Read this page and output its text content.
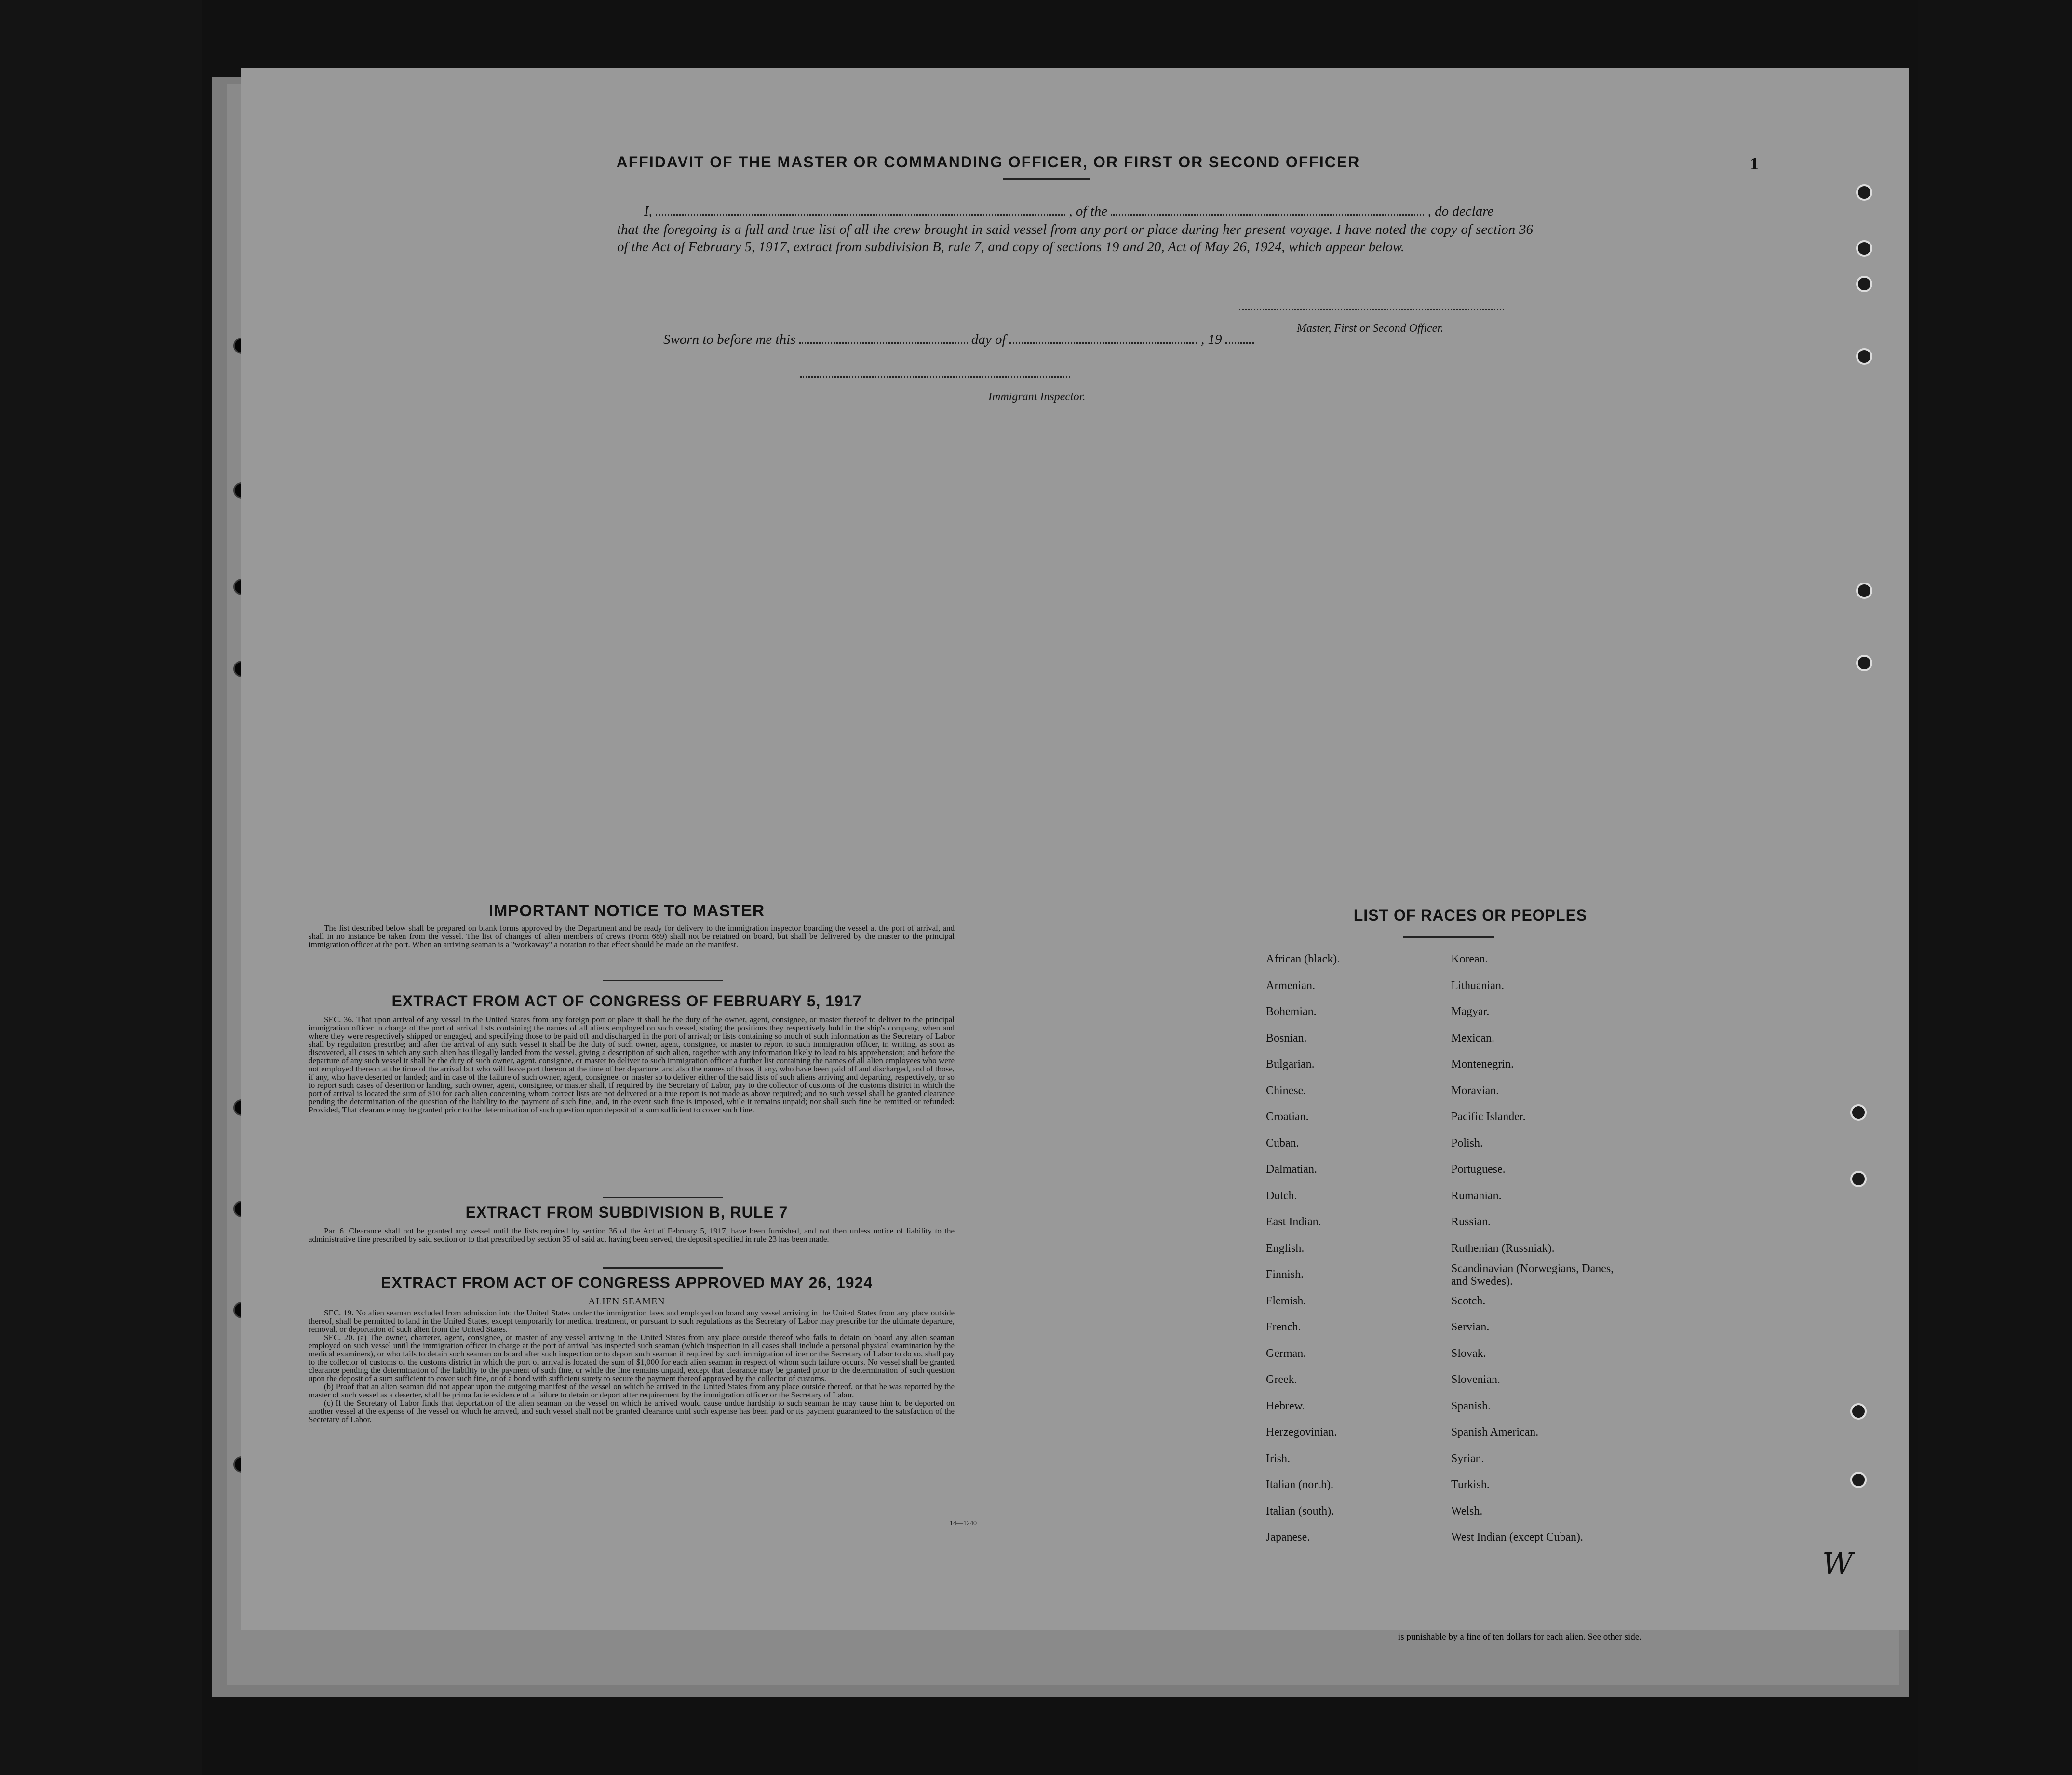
1
AFFIDAVIT OF THE MASTER OR COMMANDING OFFICER, OR FIRST OR SECOND OFFICER
I,	, of the	, do declare
that the foregoing is a full and true list of all the crew brought in said vessel from any port or place during her present voyage. I have noted the copy of section 36 of the Act of February 5, 1917, extract from subdivision B, rule 7, and copy of sections 19 and 20, Act of May 26, 1924, which appear below.
Master, First or Second Officer.
Sworn to before me this	day of	, 19
Immigrant Inspector.
IMPORTANT NOTICE TO MASTER

The list described below shall be prepared on blank forms approved by the Department and be ready for delivery to the immigration inspector boarding the vessel at the port of arrival, and shall in no instance be taken from the vessel. The list of changes of alien members of crews (Form 689) shall not be retained on board, but shall be delivered by the master to the principal immigration officer at the port. When an arriving seaman is a "workaway" a notation to that effect should be made on the manifest.

EXTRACT FROM ACT OF CONGRESS OF FEBRUARY 5, 1917

SEC. 36. That upon arrival of any vessel in the United States from any foreign port or place it shall be the duty of the owner, agent, consignee, or master thereof to deliver to the principal immigration officer in charge of the port of arrival lists containing the names of all aliens employed on such vessel, stating the positions they respectively hold in the ship's company, when and where they were respectively shipped or engaged, and specifying those to be paid off and discharged in the port of arrival; or lists containing so much of such information as the Secretary of Labor shall by regulation prescribe; and after the arrival of any such vessel it shall be the duty of such owner, agent, consignee, or master to report to such immigration officer, in writing, as soon as discovered, all cases in which any such alien has illegally landed from the vessel, giving a description of such alien, together with any information likely to lead to his apprehension; and before the departure of any such vessel it shall be the duty of such owner, agent, consignee, or master to deliver to such immigration officer a further list containing the names of all alien employees who were not employed thereon at the time of the arrival but who will leave port thereon at the time of her departure, and also the names of those, if any, who have been paid off and discharged, and of those, if any, who have deserted or landed; and in case of the failure of such owner, agent, consignee, or master so to deliver either of the said lists of such aliens arriving and departing, respectively, or so to report such cases of desertion or landing, such owner, agent, consignee, or master shall, if required by the Secretary of Labor, pay to the collector of customs of the customs district in which the port of arrival is located the sum of $10 for each alien concerning whom correct lists are not delivered or a true report is not made as above required; and no such vessel shall be granted clearance pending the determination of the question of the liability to the payment of such fine, and, in the event such fine is imposed, while it remains unpaid; nor shall such fine be remitted or refunded: Provided, That clearance may be granted prior to the determination of such question upon deposit of a sum sufficient to cover such fine.

EXTRACT FROM SUBDIVISION B, RULE 7

Par. 6. Clearance shall not be granted any vessel until the lists required by section 36 of the Act of February 5, 1917, have been furnished, and not then unless notice of liability to the administrative fine prescribed by said section or to that prescribed by section 35 of said act having been served, the deposit specified in rule 23 has been made.

EXTRACT FROM ACT OF CONGRESS APPROVED MAY 26, 1924
ALIEN SEAMEN

SEC. 19. No alien seaman excluded from admission into the United States under the immigration laws and employed on board any vessel arriving in the United States from any place outside thereof, shall be permitted to land in the United States, except temporarily for medical treatment, or pursuant to such regulations as the Secretary of Labor may prescribe for the ultimate departure, removal, or deportation of such alien from the United States.

SEC. 20. (a) The owner, charterer, agent, consignee, or master of any vessel arriving in the United States from any place outside thereof who fails to detain on board any alien seaman employed on such vessel until the immigration officer in charge at the port of arrival has inspected such seaman (which inspection in all cases shall include a personal physical examination by the medical examiners), or who fails to detain such seaman on board after such inspection or to deport such seaman if required by such immigration officer or the Secretary of Labor to do so, shall pay to the collector of customs of the customs district in which the port of arrival is located the sum of $1,000 for each alien seaman in respect of whom such failure occurs. No vessel shall be granted clearance pending the determination of the liability to the payment of such fine, or while the fine remains unpaid, except that clearance may be granted prior to the determination of such question upon the deposit of a sum sufficient to cover such fine, or of a bond with sufficient surety to secure the payment thereof approved by the collector of customs.

(b) Proof that an alien seaman did not appear upon the outgoing manifest of the vessel on which he arrived in the United States from any place outside thereof, or that he was reported by the master of such vessel as a deserter, shall be prima facie evidence of a failure to detain or deport after requirement by the immigration officer or the Secretary of Labor.

(c) If the Secretary of Labor finds that deportation of the alien seaman on the vessel on which he arrived would cause undue hardship to such seaman he may cause him to be deported on another vessel at the expense of the vessel on which he arrived, and such vessel shall not be granted clearance until such expense has been paid or its payment guaranteed to the satisfaction of the Secretary of Labor.

14—1240
LIST OF RACES OR PEOPLES
African (black).
Armenian.
Bohemian.
Bosnian.
Bulgarian.
Chinese.
Croatian.
Cuban.
Dalmatian.
Dutch.
East Indian.
English.
Finnish.
Flemish.
French.
German.
Greek.
Hebrew.
Herzegovinian.
Irish.
Italian (north).
Italian (south).
Japanese.
Korean.
Lithuanian.
Magyar.
Mexican.
Montenegrin.
Moravian.
Pacific Islander.
Polish.
Portuguese.
Rumanian.
Russian.
Ruthenian (Russniak).
Scandinavian (Norwegians, Danes, and Swedes).
Scotch.
Servian.
Slovak.
Slovenian.
Spanish.
Spanish American.
Syrian.
Turkish.
Welsh.
West Indian (except Cuban).
W
is punishable by a fine of ten dollars for each alien. See other side.
